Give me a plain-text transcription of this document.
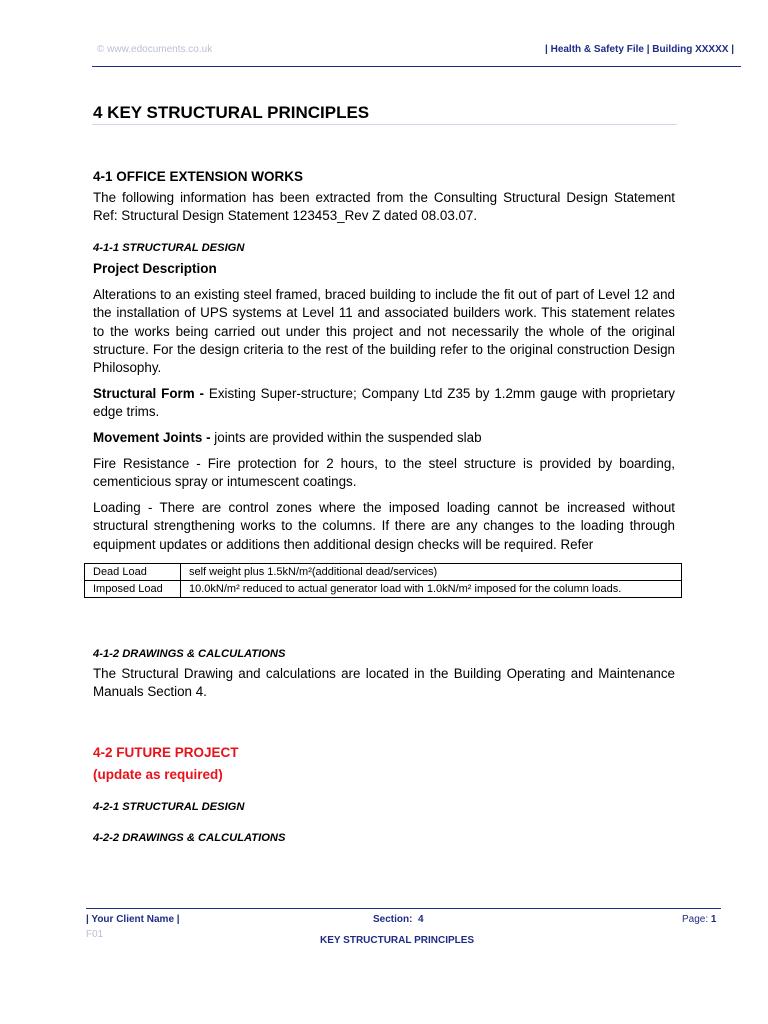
© www.edocuments.co.uk	| Health & Safety File | Building XXXXX |
4 KEY STRUCTURAL PRINCIPLES
4-1 OFFICE EXTENSION WORKS

The following information has been extracted from the Consulting Structural Design Statement Ref: Structural Design Statement 123453_Rev Z dated 08.03.07.

4-1-1 STRUCTURAL DESIGN
Project Description

Alterations to an existing steel framed, braced building to include the fit out of part of Level 12 and the installation of UPS systems at Level 11 and associated builders work. This statement relates to the works being carried out under this project and not necessarily the whole of the original structure. For the design criteria to the rest of the building refer to the original construction Design Philosophy.

Structural Form - Existing Super-structure; Company Ltd Z35 by 1.2mm gauge with proprietary edge trims.

Movement Joints - joints are provided within the suspended slab

Fire Resistance - Fire protection for 2 hours, to the steel structure is provided by boarding, cementicious spray or intumescent coatings.

Loading - There are control zones where the imposed loading cannot be increased without structural strengthening works to the columns. If there are any changes to the loading through equipment updates or additions then additional design checks will be required. Refer

Dead Load	self weight plus 1.5kN/m²(additional dead/services)
Imposed Load	10.0kN/m² reduced to actual generator load with 1.0kN/m² imposed for the column loads.
4-1-2 DRAWINGS & CALCULATIONS

The Structural Drawing and calculations are located in the Building Operating and Maintenance Manuals Section 4.

4-2 FUTURE PROJECT
(update as required)
4-2-1 STRUCTURAL DESIGN
4-2-2 DRAWINGS & CALCULATIONS
| Your Client Name |	Section: 4	Page: 1
F01
KEY STRUCTURAL PRINCIPLES
